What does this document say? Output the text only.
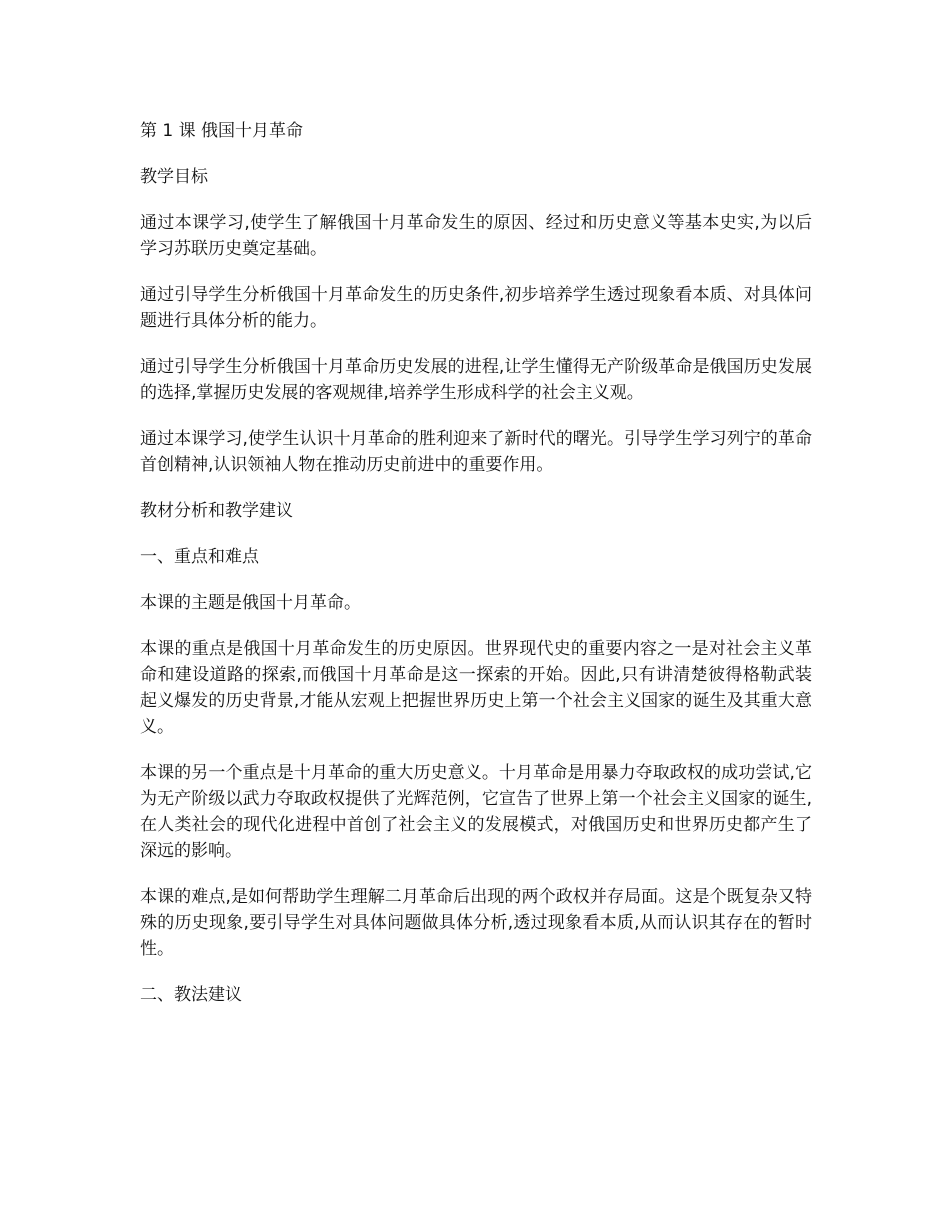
第 1 课 俄国十月革命

教学目标

通过本课学习,使学生了解俄国十月革命发生的原因、经过和历史意义等基本史实,为以后学习苏联历史奠定基础。

通过引导学生分析俄国十月革命发生的历史条件,初步培养学生透过现象看本质、对具体问题进行具体分析的能力。

通过引导学生分析俄国十月革命历史发展的进程,让学生懂得无产阶级革命是俄国历史发展的选择,掌握历史发展的客观规律,培养学生形成科学的社会主义观。

通过本课学习,使学生认识十月革命的胜利迎来了新时代的曙光。引导学生学习列宁的革命首创精神,认识领袖人物在推动历史前进中的重要作用。

教材分析和教学建议

一、重点和难点

本课的主题是俄国十月革命。

本课的重点是俄国十月革命发生的历史原因。世界现代史的重要内容之一是对社会主义革命和建设道路的探索,而俄国十月革命是这一探索的开始。因此,只有讲清楚彼得格勒武装起义爆发的历史背景,才能从宏观上把握世界历史上第一个社会主义国家的诞生及其重大意义。

本课的另一个重点是十月革命的重大历史意义。十月革命是用暴力夺取政权的成功尝试,它为无产阶级以武力夺取政权提供了光辉范例，它宣告了世界上第一个社会主义国家的诞生,在人类社会的现代化进程中首创了社会主义的发展模式，对俄国历史和世界历史都产生了深远的影响。

本课的难点,是如何帮助学生理解二月革命后出现的两个政权并存局面。这是个既复杂又特殊的历史现象,要引导学生对具体问题做具体分析,透过现象看本质,从而认识其存在的暂时性。

二、教法建议
